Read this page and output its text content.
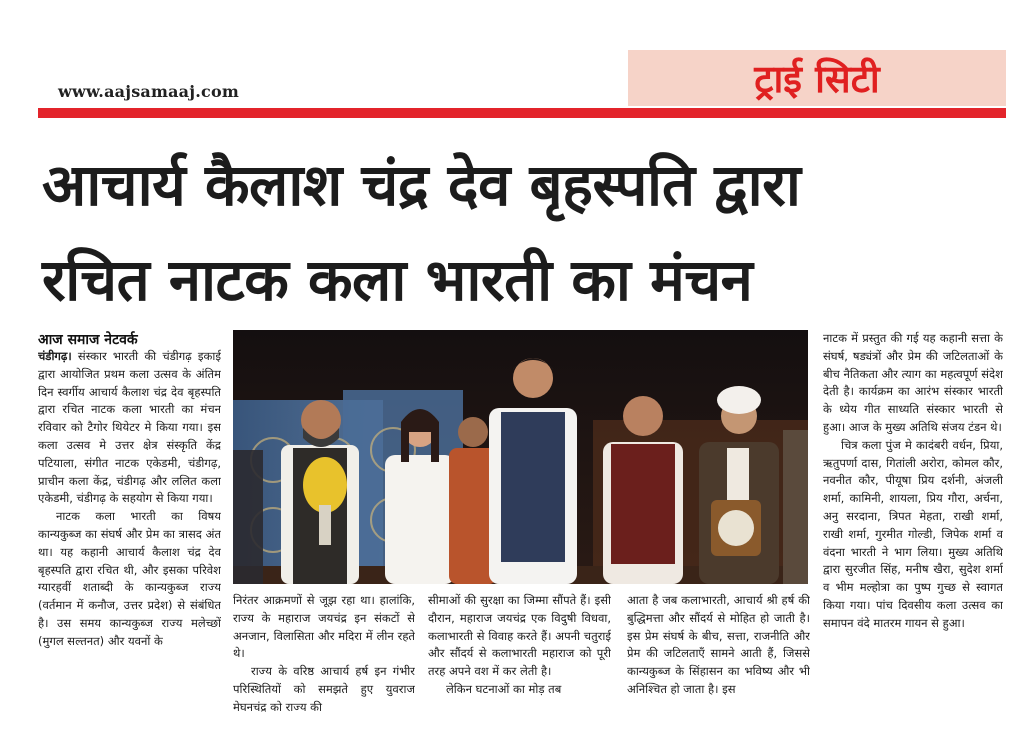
www.aajsamaaj.com	ट्राई सिटी
आचार्य कैलाश चंद्र देव बृहस्पति द्वारा
रचित नाटक कला भारती का मंचन
आज समाज नेटवर्क

चंडीगढ़। संस्कार भारती की चंडीगढ़ इकाई द्वारा आयोजित प्रथम कला उत्सव के अंतिम दिन स्वर्गीय आचार्य कैलाश चंद्र देव बृहस्पति द्वारा रचित नाटक कला भारती का मंचन रविवार को टैगोर थियेटर मे किया गया। इस कला उत्सव मे उत्तर क्षेत्र संस्कृति केंद्र पटियाला, संगीत नाटक एकेडमी, चंडीगढ़, प्राचीन कला केंद्र, चंडीगढ़ और ललित कला एकेडमी, चंडीगढ़ के सहयोग से किया गया।

नाटक कला भारती का विषय कान्यकुब्ज का संघर्ष और प्रेम का त्रासद अंत था। यह कहानी आचार्य कैलाश चंद्र देव बृहस्पति द्वारा रचित थी, और इसका परिवेश ग्यारहवीं शताब्दी के कान्यकुब्ज राज्य (वर्तमान में कनौज, उत्तर प्रदेश) से संबंधित है। उस समय कान्यकुब्ज राज्य मलेच्छों (मुगल सल्तनत) और यवनों के

निरंतर आक्रमणों से जूझ रहा था। हालांकि, राज्य के महाराज जयचंद्र इन संकटों से अनजान, विलासिता और मदिरा में लीन रहते थे।

राज्य के वरिष्ठ आचार्य हर्ष इन गंभीर परिस्थितियों को समझते हुए युवराज मेघनचंद्र को राज्य की

सीमाओं की सुरक्षा का जिम्मा सौंपते हैं। इसी दौरान, महाराज जयचंद्र एक विदुषी विधवा, कलाभारती से विवाह करते हैं। अपनी चतुराई और सौंदर्य से कलाभारती महाराज को पूरी तरह अपने वश में कर लेती है।

लेकिन घटनाओं का मोड़ तब

आता है जब कलाभारती, आचार्य श्री हर्ष की बुद्धिमत्ता और सौंदर्य से मोहित हो जाती है। इस प्रेम संघर्ष के बीच, सत्ता, राजनीति और प्रेम की जटिलताएँ सामने आती हैं, जिससे कान्यकुब्ज के सिंहासन का भविष्य और भी अनिश्चित हो जाता है। इस

नाटक में प्रस्तुत की गई यह कहानी सत्ता के संघर्ष, षड्यंत्रों और प्रेम की जटिलताओं के बीच नैतिकता और त्याग का महत्वपूर्ण संदेश देती है। कार्यक्रम का आरंभ संस्कार भारती के ध्येय गीत साध्यति संस्कार भारती से हुआ। आज के मुख्य अतिथि संजय टंडन थे।

चित्र कला पुंज मे कादंबरी वर्धन, प्रिया, ऋतुपर्णा दास, गितांली अरोरा, कोमल कौर, नवनीत कौर, पीयूषा प्रिय दर्शनी, अंजली शर्मा, कामिनी, शायला, प्रिय गौरा, अर्चना, अनु सरदाना, त्रिपत मेहता, राखी शर्मा, राखी शर्मा, गुरमीत गोल्डी, जिपेक शर्मा व वंदना भारती ने भाग लिया। मुख्य अतिथि द्वारा सुरजीत सिंह, मनीष खैरा, सुदेश शर्मा व भीम मल्होत्रा का पुष्प गुच्छ से स्वागत किया गया। पांच दिवसीय कला उत्सव का समापन वंदे मातरम गायन से हुआ।
